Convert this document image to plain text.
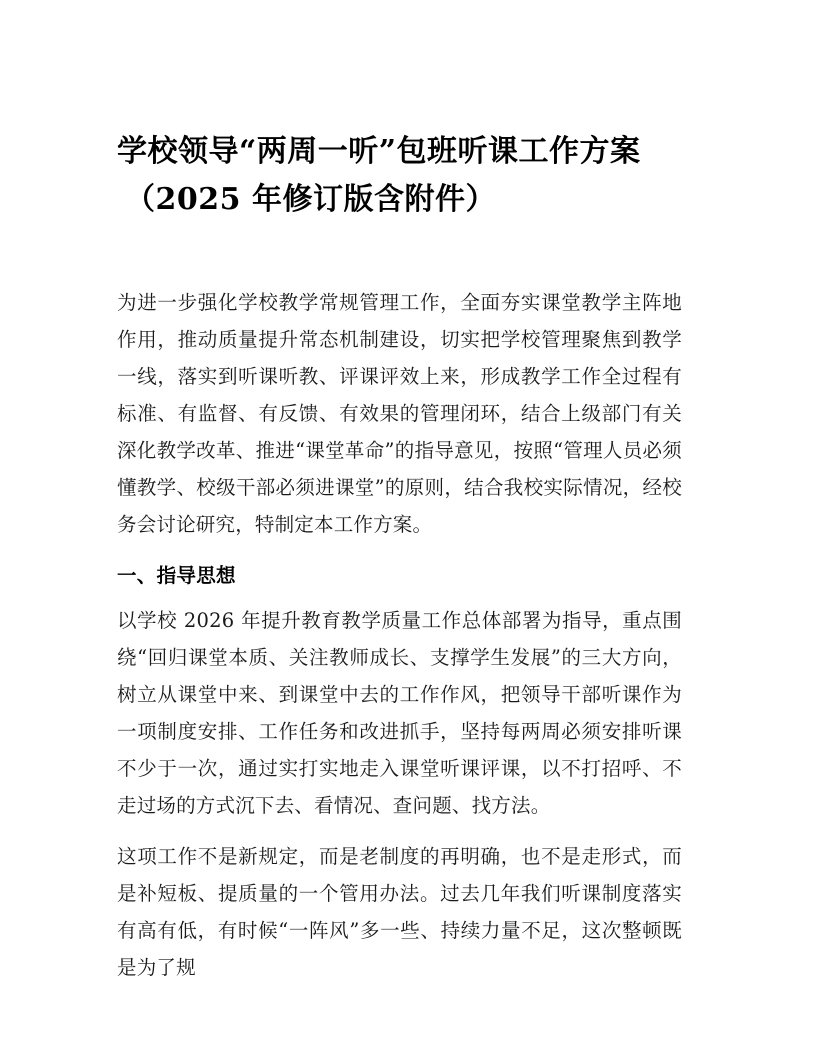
学校领导“两周一听”包班听课工作方案
（2025 年修订版含附件）

为进一步强化学校教学常规管理工作，全面夯实课堂教学主阵地作用，推动质量提升常态机制建设，切实把学校管理聚焦到教学一线，落实到听课听教、评课评效上来，形成教学工作全过程有标准、有监督、有反馈、有效果的管理闭环，结合上级部门有关深化教学改革、推进“课堂革命”的指导意见，按照“管理人员必须懂教学、校级干部必须进课堂”的原则，结合我校实际情况，经校务会讨论研究，特制定本工作方案。

一、指导思想

以学校 2026 年提升教育教学质量工作总体部署为指导，重点围绕“回归课堂本质、关注教师成长、支撑学生发展”的三大方向，树立从课堂中来、到课堂中去的工作作风，把领导干部听课作为一项制度安排、工作任务和改进抓手，坚持每两周必须安排听课不少于一次，通过实打实地走入课堂听课评课，以不打招呼、不走过场的方式沉下去、看情况、查问题、找方法。

这项工作不是新规定，而是老制度的再明确，也不是走形式，而是补短板、提质量的一个管用办法。过去几年我们听课制度落实有高有低，有时候“一阵风”多一些、持续力量不足，这次整顿既是为了规
